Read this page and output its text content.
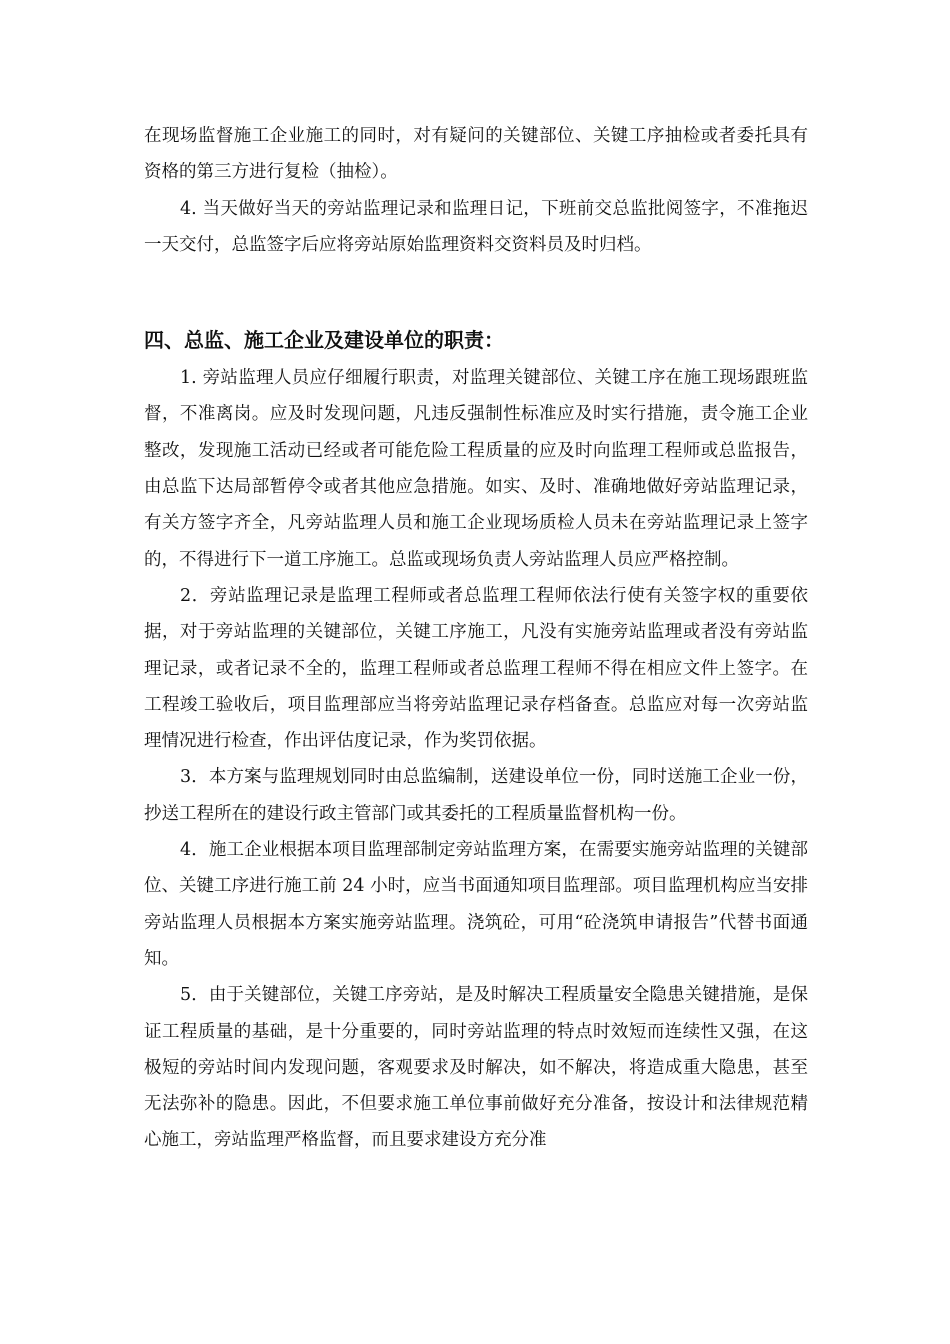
在现场监督施工企业施工的同时，对有疑问的关键部位、关键工序抽检或者委托具有资格的第三方进行复检（抽检）。

4. 当天做好当天的旁站监理记录和监理日记，下班前交总监批阅签字，不准拖迟一天交付，总监签字后应将旁站原始监理资料交资料员及时归档。

四、总监、施工企业及建设单位的职责：

1. 旁站监理人员应仔细履行职责，对监理关键部位、关键工序在施工现场跟班监督，不准离岗。应及时发现问题，凡违反强制性标准应及时实行措施，责令施工企业整改，发现施工活动已经或者可能危险工程质量的应及时向监理工程师或总监报告，由总监下达局部暂停令或者其他应急措施。如实、及时、准确地做好旁站监理记录，有关方签字齐全，凡旁站监理人员和施工企业现场质检人员未在旁站监理记录上签字的，不得进行下一道工序施工。总监或现场负责人旁站监理人员应严格控制。

2．旁站监理记录是监理工程师或者总监理工程师依法行使有关签字权的重要依据，对于旁站监理的关键部位，关键工序施工，凡没有实施旁站监理或者没有旁站监理记录，或者记录不全的，监理工程师或者总监理工程师不得在相应文件上签字。在工程竣工验收后，项目监理部应当将旁站监理记录存档备查。总监应对每一次旁站监理情况进行检查，作出评估度记录，作为奖罚依据。

3．本方案与监理规划同时由总监编制，送建设单位一份，同时送施工企业一份，抄送工程所在的建设行政主管部门或其委托的工程质量监督机构一份。

4．施工企业根据本项目监理部制定旁站监理方案，在需要实施旁站监理的关键部位、关键工序进行施工前 24 小时，应当书面通知项目监理部。项目监理机构应当安排旁站监理人员根据本方案实施旁站监理。浇筑砼，可用“砼浇筑申请报告”代替书面通知。

5．由于关键部位，关键工序旁站，是及时解决工程质量安全隐患关键措施，是保证工程质量的基础，是十分重要的，同时旁站监理的特点时效短而连续性又强，在这极短的旁站时间内发现问题，客观要求及时解决，如不解决，将造成重大隐患，甚至无法弥补的隐患。因此，不但要求施工单位事前做好充分准备，按设计和法律规范精心施工，旁站监理严格监督，而且要求建设方充分准
